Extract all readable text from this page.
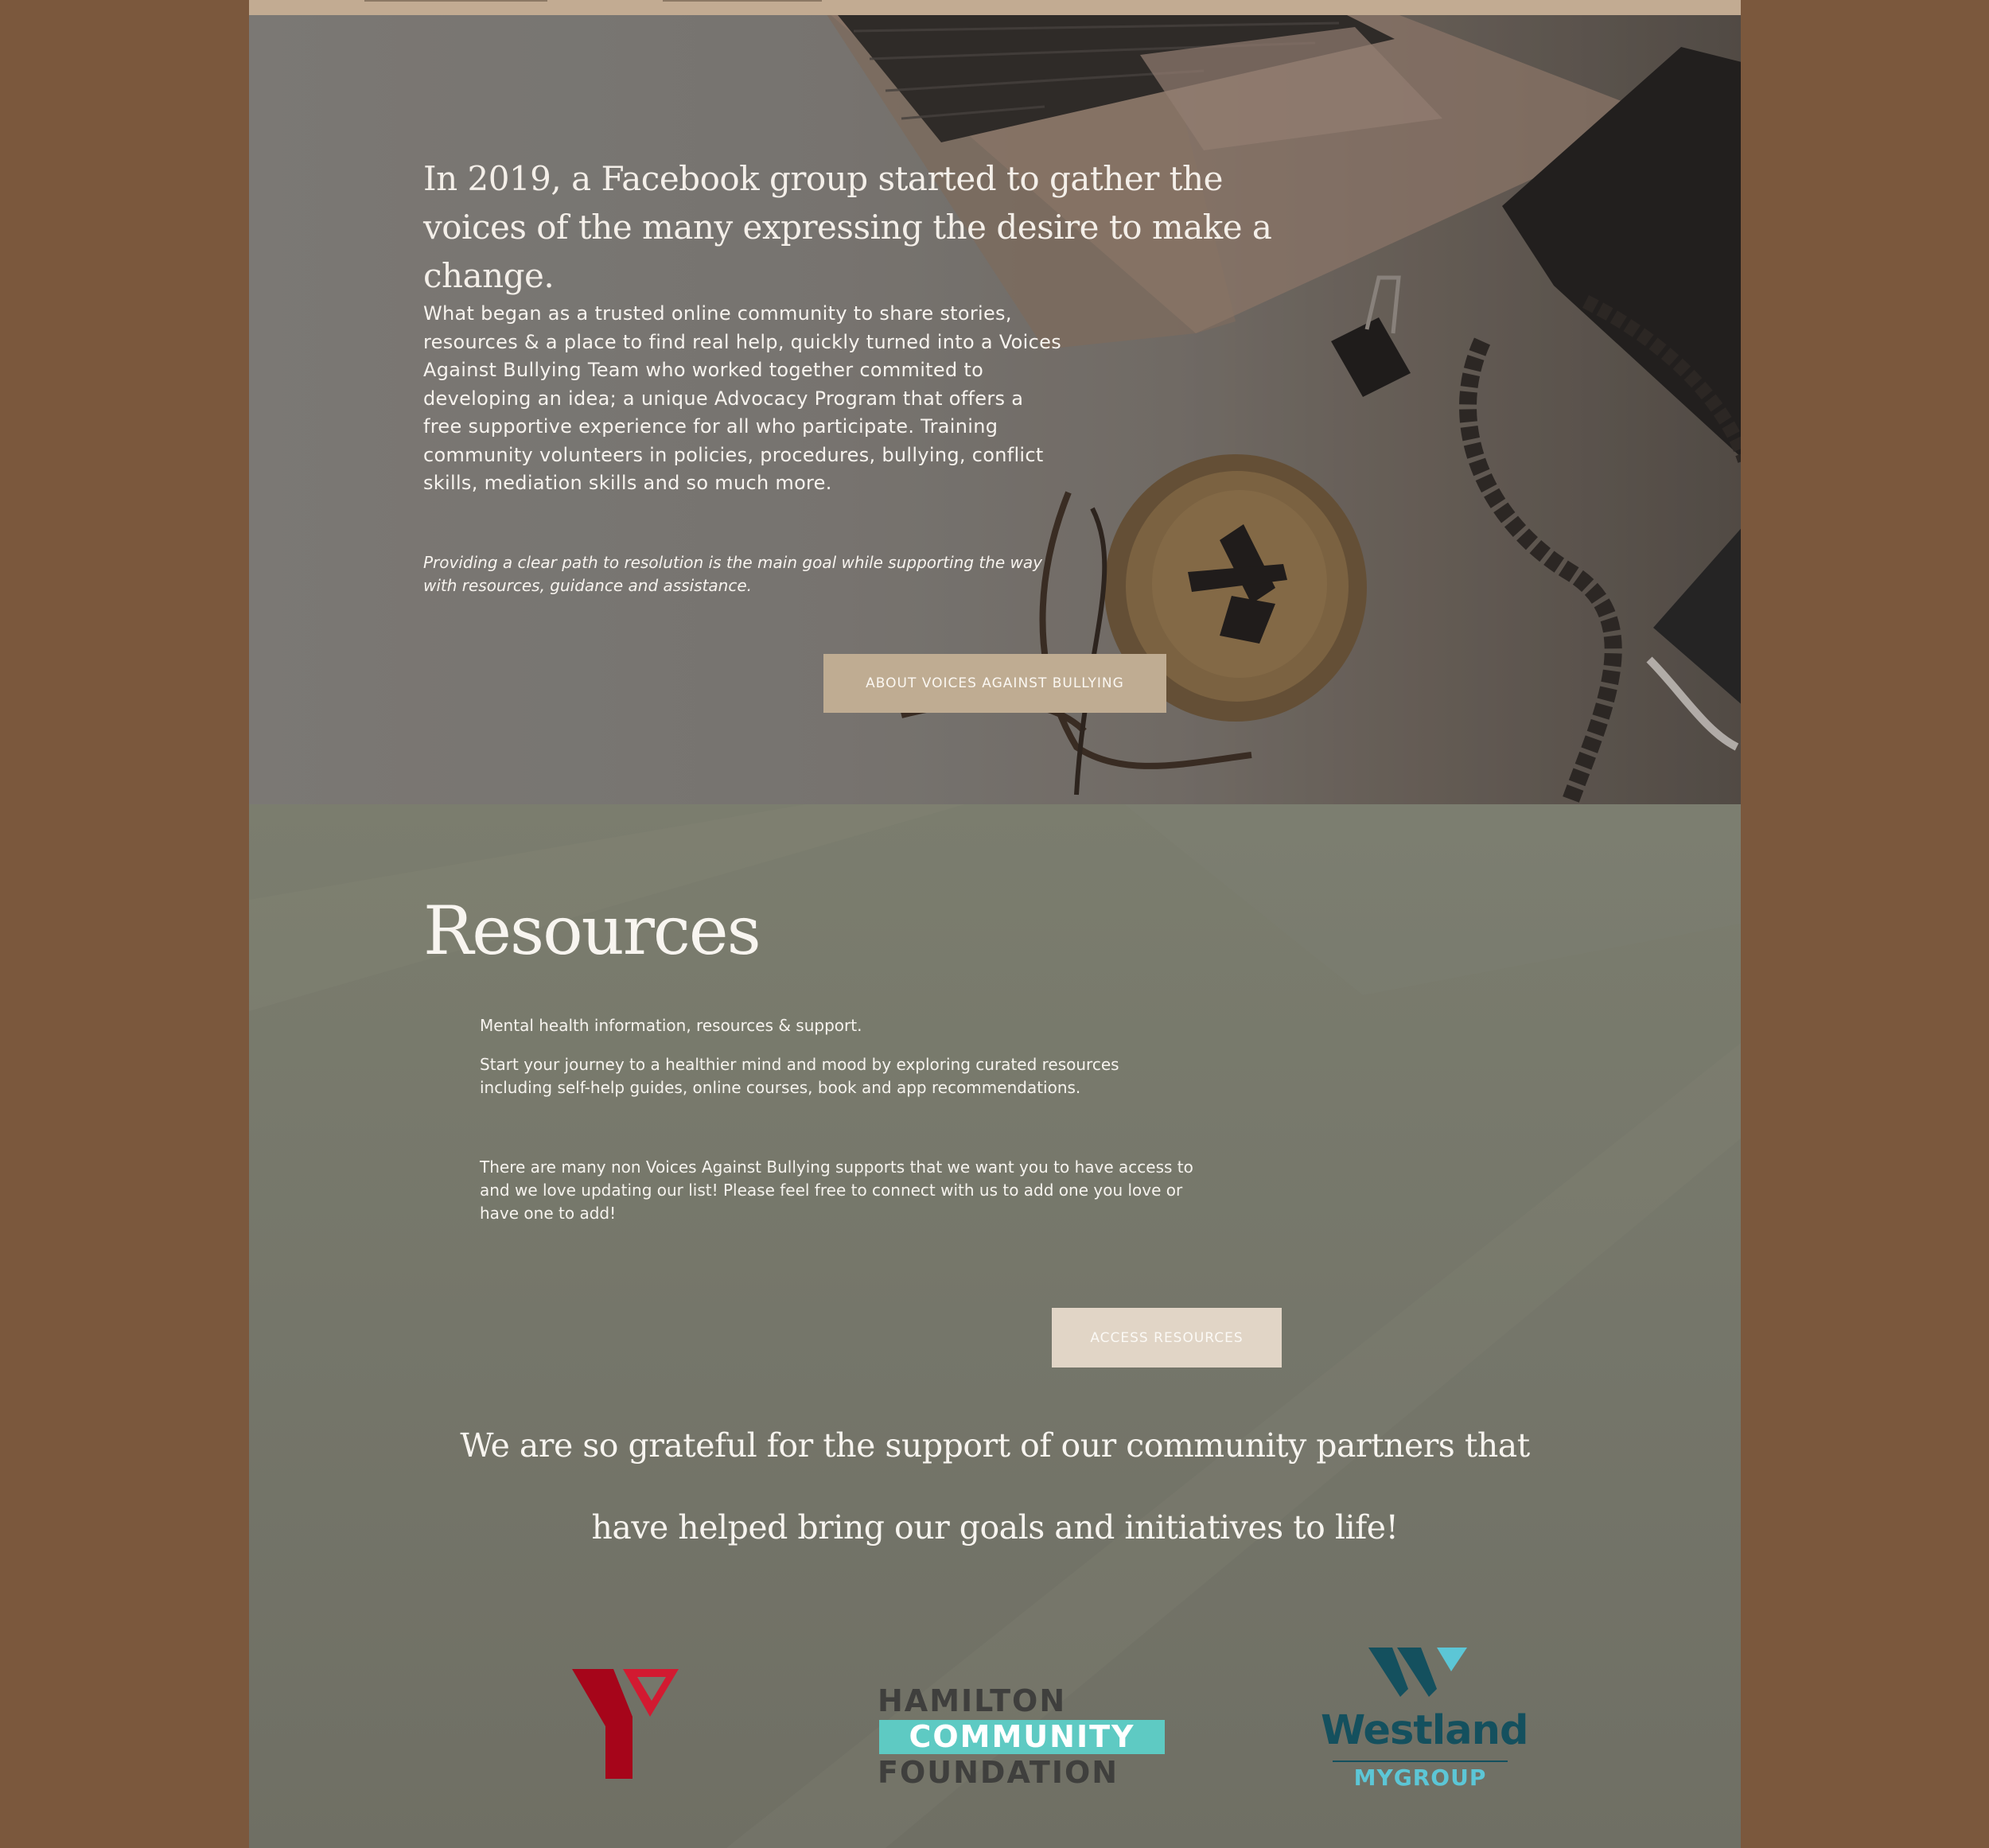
In 2019, a Facebook group started to gather the voices of the many expressing the desire to make a change.

What began as a trusted online community to share stories, resources & a place to find real help, quickly turned into a Voices Against Bullying Team who worked together commited to developing an idea; a unique Advocacy Program that offers a free supportive experience for all who participate. Training community volunteers in policies, procedures, bullying, conflict skills, mediation skills and so much more.

Providing a clear path to resolution is the main goal while supporting the way with resources, guidance and assistance.

ABOUT VOICES AGAINST BULLYING
Resources

Mental health information, resources & support.

Start your journey to a healthier mind and mood by exploring curated resources including self-help guides, online courses, book and app recommendations.

There are many non Voices Against Bullying supports that we want you to have access to and we love updating our list! Please feel free to connect with us to add one you love or have one to add!

ACCESS RESOURCES

We are so grateful for the support of our community partners that have helped bring our goals and initiatives to life!

HAMILTON
COMMUNITY
FOUNDATION
Westland
MYGROUP
